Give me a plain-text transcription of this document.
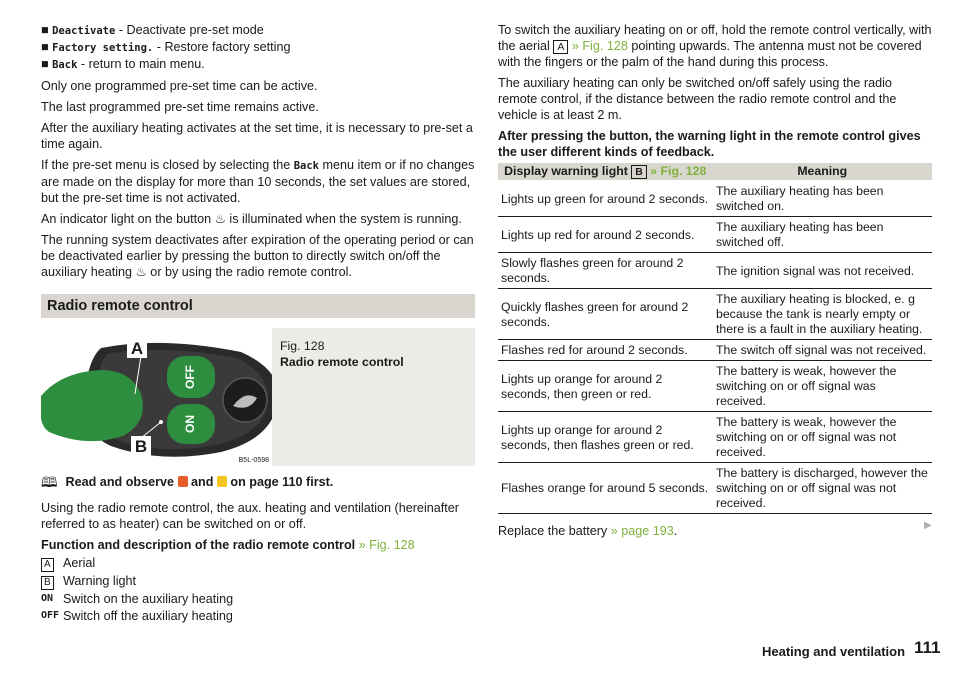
■ Deactivate - Deactivate pre-set mode

■ Factory setting. - Restore factory setting

■ Back - return to main menu.

Only one programmed pre-set time can be active.

The last programmed pre-set time remains active.

After the auxiliary heating activates at the set time, it is necessary to pre-set a time again.

If the pre-set menu is closed by selecting the Back menu item or if no changes are made on the display for more than 10 seconds, the set values are stored, but the pre-set time is not activated.

An indicator light on the button ♨ is illuminated when the system is running.

The running system deactivates after expiration of the operating period or can be deactivated earlier by pressing the button to directly switch on/off the auxiliary heating ♨ or by using the radio remote control.

Radio remote control
OFF
ON
A
B
B5L-0598
Fig. 128
Radio remote control
🕮 Read and observe  and  on page 110 first.

Using the radio remote control, the aux. heating and ventilation (hereinafter referred to as heater) can be switched on or off.

Function and description of the radio remote control » Fig. 128

A Aerial
B Warning light
ON Switch on the auxiliary heating
OFF Switch off the auxiliary heating

To switch the auxiliary heating on or off, hold the remote control vertically, with the aerial A » Fig. 128 pointing upwards. The antenna must not be covered with the fingers or the palm of the hand during this process.

The auxiliary heating can only be switched on/off safely using the radio remote control, if the distance between the radio remote control and the vehicle is at least 2 m.

After pressing the button, the warning light in the remote control gives the user different kinds of feedback.

Display warning light B » Fig. 128	Meaning
Lights up green for around 2 seconds.	The auxiliary heating has been switched on.
Lights up red for around 2 seconds.	The auxiliary heating has been switched off.
Slowly flashes green for around 2 seconds.	The ignition signal was not received.
Quickly flashes green for around 2 seconds.	The auxiliary heating is blocked, e. g because the tank is nearly empty or there is a fault in the auxiliary heating.
Flashes red for around 2 seconds.	The switch off signal was not received.
Lights up orange for around 2 seconds, then green or red.	The battery is weak, however the switching on or off signal was received.
Lights up orange for around 2 seconds, then flashes green or red.	The battery is weak, however the switching on or off signal was not received.
Flashes orange for around 5 seconds.	The battery is discharged, however the switching on or off signal was not received.

Replace the battery » page 193.	▶
Heating and ventilation 111
